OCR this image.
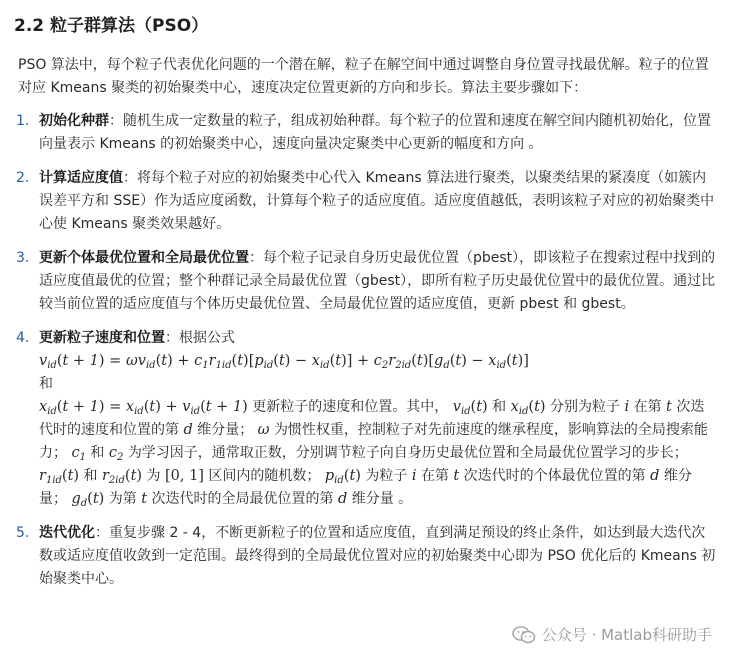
2.2 粒子群算法（PSO）

PSO 算法中，每个粒子代表优化问题的一个潜在解，粒子在解空间中通过调整自身位置寻找最优解。粒子的位置对应 Kmeans 聚类的初始聚类中心，速度决定位置更新的方向和步长。算法主要步骤如下：

1. 初始化种群：随机生成一定数量的粒子，组成初始种群。每个粒子的位置和速度在解空间内随机初始化，位置向量表示 Kmeans 的初始聚类中心，速度向量决定聚类中心更新的幅度和方向 。
2. 计算适应度值：将每个粒子对应的初始聚类中心代入 Kmeans 算法进行聚类，以聚类结果的紧凑度（如簇内误差平方和 SSE）作为适应度函数，计算每个粒子的适应度值。适应度值越低，表明该粒子对应的初始聚类中心使 Kmeans 聚类效果越好。
3. 更新个体最优位置和全局最优位置：每个粒子记录自身历史最优位置（pbest），即该粒子在搜索过程中找到的适应度值最优的位置；整个种群记录全局最优位置（gbest），即所有粒子历史最优位置中的最优位置。通过比较当前位置的适应度值与个体历史最优位置、全局最优位置的适应度值，更新 pbest 和 gbest。
4. 更新粒子速度和位置：根据公式
$v_{id}(t + 1) = \omega v_{id}(t) + c_1r_{1id}(t)[p_{id}(t) - x_{id}(t)] + c_2r_{2id}(t)[g_d(t) - x_{id}(t)]$
和
$x_{id}(t + 1) = x_{id}(t) + v_{id}(t + 1)$ 更新粒子的速度和位置。其中， $v_{id}(t)$ 和 $x_{id}(t)$ 分别为粒子 i 在第 t 次迭代时的速度和位置的第 d 维分量； ω 为惯性权重，控制粒子对先前速度的继承程度，影响算法的全局搜索能力； $c_1$ 和 $c_2$ 为学习因子，通常取正数，分别调节粒子向自身历史最优位置和全局最优位置学习的步长； $r_{1id}(t)$ 和 $r_{2id}(t)$ 为 [0, 1] 区间内的随机数； $p_{id}(t)$ 为粒子 i 在第 t 次迭代时的个体最优位置的第 d 维分量； $g_d(t)$ 为第 t 次迭代时的全局最优位置的第 d 维分量 。
5. 迭代优化：重复步骤 2 - 4，不断更新粒子的位置和适应度值，直到满足预设的终止条件，如达到最大迭代次数或适应度值收敛到一定范围。最终得到的全局最优位置对应的初始聚类中心即为 PSO 优化后的 Kmeans 初始聚类中心。
公众号 · Matlab科研助手
